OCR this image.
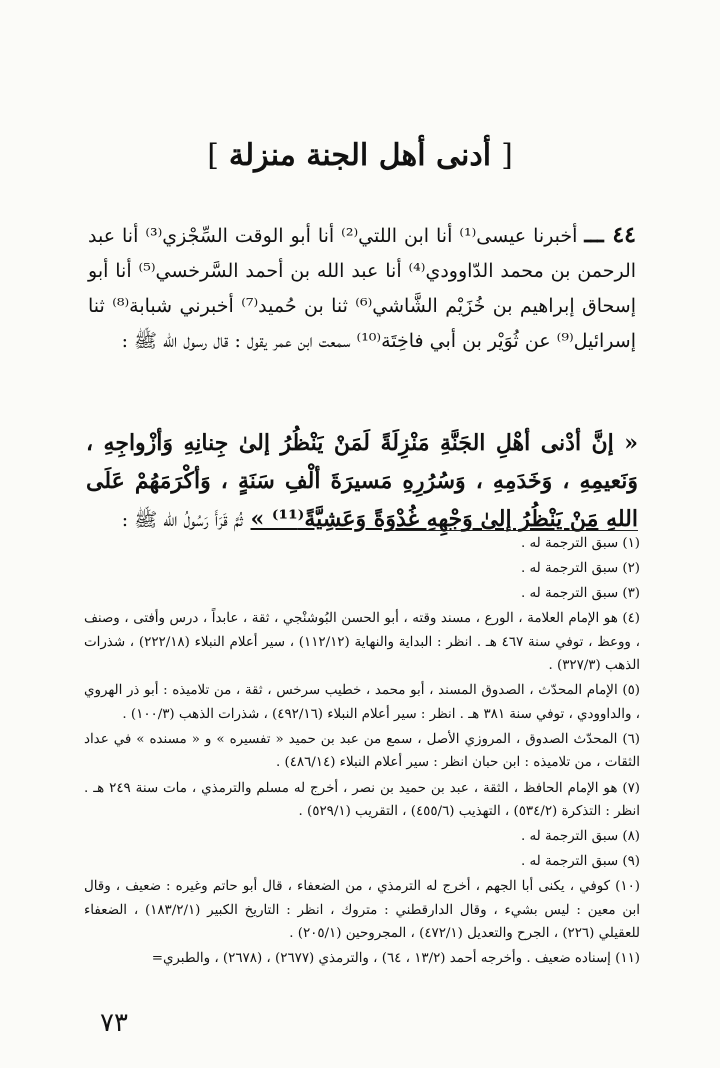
[أدنى أهل الجنة منزلة]
٤٤ ـــ أخبرنا عيسى⁽¹⁾ أنا ابن اللتي⁽²⁾ أنا أبو الوقت السِّجْزي⁽³⁾ أنا عبد الرحمن بن محمد الدّاوودي⁽⁴⁾ أنا عبد الله بن أحمد السَّرخسي⁽⁵⁾ أنا أبو إسحاق إبراهيم بن خُزَيْم الشَّاشي⁽⁶⁾ ثنا بن حُميد⁽⁷⁾ أخبرني شبابة⁽⁸⁾ ثنا إسرائيل⁽⁹⁾ عن ثُوَيْر بن أبي فاخِتَة⁽¹⁰⁾ سمعت ابن عمر يقول : قال رسول الله ﷺ :
« إنَّ أدْنى أهْلِ الجَنَّةِ مَنْزِلَةً لَمَنْ يَنْظُرُ إلىٰ جِنانِهِ وَأزْواجِهِ ، وَنَعيمِهِ ، وَخَدَمِهِ ، وَسُرُرِهِ مَسيرَةَ ألْفِ سَنَةٍ ، وَأكْرَمَهُمْ عَلَى اللهِ مَنْ يَنْظُرُ إلىٰ وَجْهِهِ غُدْوَةً وَعَشِيَّةً⁽¹¹⁾ » ثُمَّ قَرَأَ رَسُولُ الله ﷺ :

(١) سبق الترجمة له .

(٢) سبق الترجمة له .

(٣) سبق الترجمة له .

(٤) هو الإمام العلامة ، الورع ، مسند وقته ، أبو الحسن البُوشنْجي ، ثقة ، عابداً ، درس وأفتى ، وصنف ، ووعظ ، توفي سنة ٤٦٧ هـ . انظر : البداية والنهاية (١١٢/١٢) ، سير أعلام النبلاء (٢٢٢/١٨) ، شذرات الذهب (٣٢٧/٣) .

(٥) الإمام المحدّث ، الصدوق المسند ، أبو محمد ، خطيب سرخس ، ثقة ، من تلاميذه : أبو ذر الهروي ، والداوودي ، توفي سنة ٣٨١ هـ . انظر : سير أعلام النبلاء (٤٩٢/١٦) ، شذرات الذهب (١٠٠/٣) .

(٦) المحدّث الصدوق ، المروزي الأصل ، سمع من عبد بن حميد « تفسيره » و « مسنده » في عداد الثقات ، من تلاميذه : ابن حبان انظر : سير أعلام النبلاء (٤٨٦/١٤) .

(٧) هو الإمام الحافظ ، الثقة ، عبد بن حميد بن نصر ، أخرج له مسلم والترمذي ، مات سنة ٢٤٩ هـ . انظر : التذكرة (٥٣٤/٢) ، التهذيب (٤٥٥/٦) ، التقريب (٥٢٩/١) .

(٨) سبق الترجمة له .

(٩) سبق الترجمة له .

(١٠) كوفي ، يكنى أبا الجهم ، أخرج له الترمذي ، من الضعفاء ، قال أبو حاتم وغيره : ضعيف ، وقال ابن معين : ليس بشيء ، وقال الدارقطني : متروك ، انظر : التاريخ الكبير (١٨٣/٢/١) ، الضعفاء للعقيلي (٢٢٦) ، الجرح والتعديل (٤٧٢/١) ، المجروحين (٢٠٥/١) .

(١١) إسناده ضعيف . وأخرجه أحمد (١٣/٢ ، ٦٤) ، والترمذي (٢٦٧٧) ، (٢٦٧٨) ، والطبري=

٧٣
